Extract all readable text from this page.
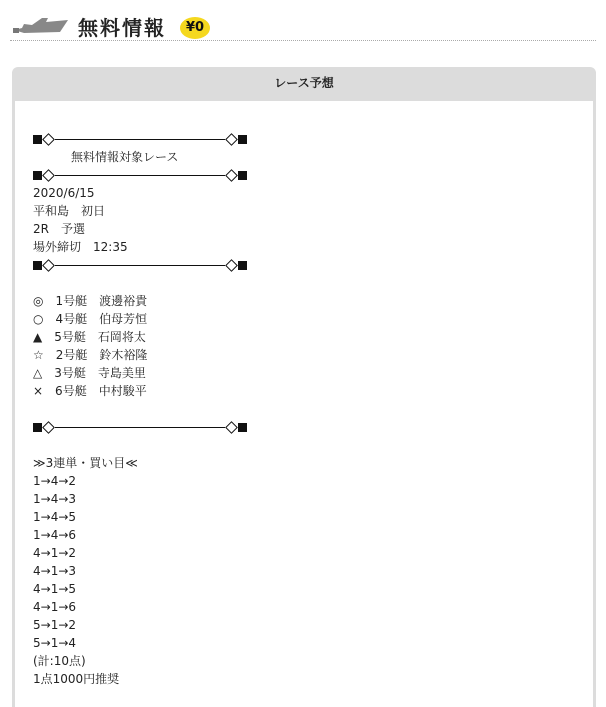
無料情報	¥0
レース予想
無料情報対象レース
2020/6/15
平和島　初日
2R　予選
場外締切　12:35
◎　1号艇　渡邊裕貴
○　4号艇　伯母芳恒
▲　5号艇　石岡将太
☆　2号艇　鈴木裕隆
△　3号艇　寺島美里
×　6号艇　中村駿平
≫3連単・買い目≪
1→4→2
1→4→3
1→4→5
1→4→6
4→1→2
4→1→3
4→1→5
4→1→6
5→1→2
5→1→4
(計:10点)
1点1000円推奨
